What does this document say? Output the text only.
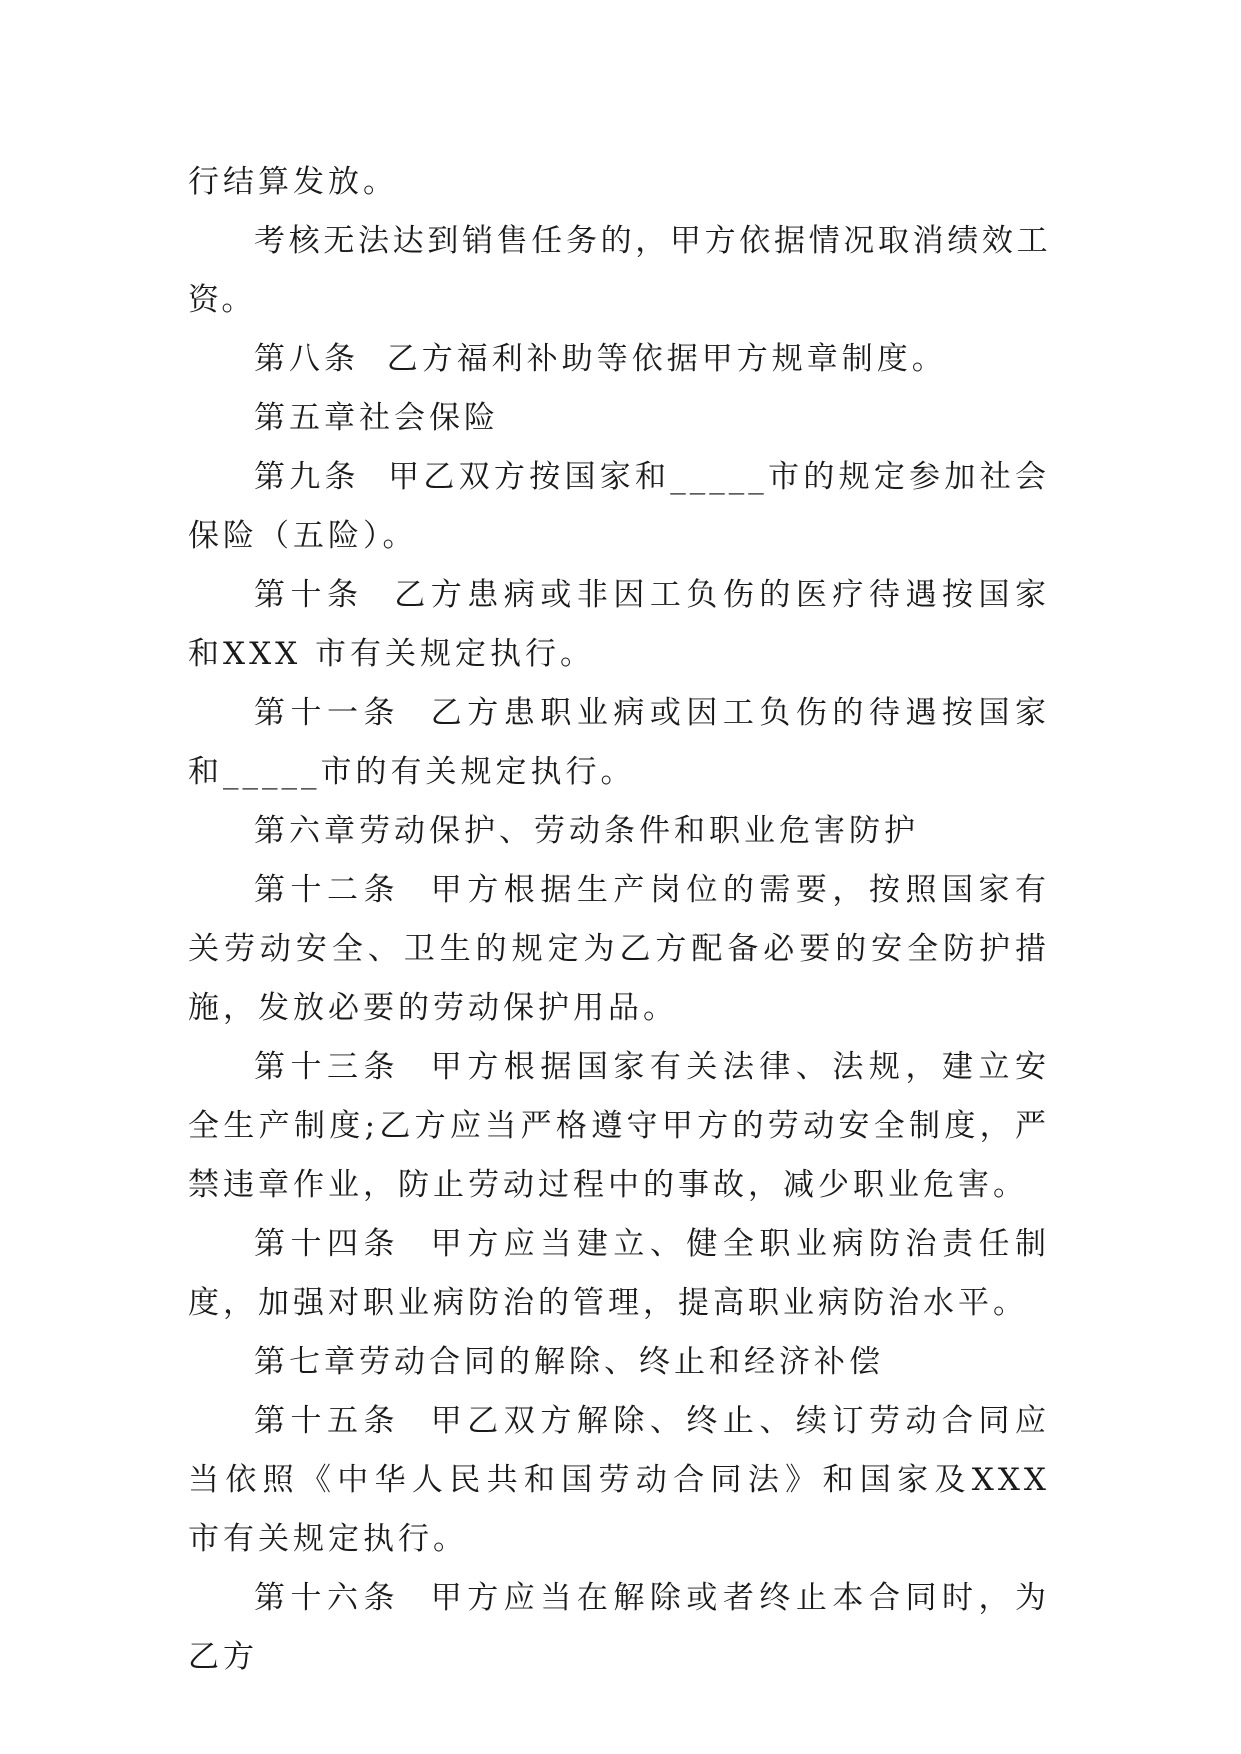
行结算发放。

考核无法达到销售任务的，甲方依据情况取消绩效工资。

第八条  乙方福利补助等依据甲方规章制度。

第五章社会保险

第九条  甲乙双方按国家和_____市的规定参加社会保险（五险）。

第十条  乙方患病或非因工负伤的医疗待遇按国家和XXX 市有关规定执行。

第十一条  乙方患职业病或因工负伤的待遇按国家和_____市的有关规定执行。

第六章劳动保护、劳动条件和职业危害防护

第十二条  甲方根据生产岗位的需要，按照国家有关劳动安全、卫生的规定为乙方配备必要的安全防护措施，发放必要的劳动保护用品。

第十三条  甲方根据国家有关法律、法规，建立安全生产制度;乙方应当严格遵守甲方的劳动安全制度，严禁违章作业，防止劳动过程中的事故，减少职业危害。

第十四条  甲方应当建立、健全职业病防治责任制度，加强对职业病防治的管理，提高职业病防治水平。

第七章劳动合同的解除、终止和经济补偿

第十五条  甲乙双方解除、终止、续订劳动合同应当依照《中华人民共和国劳动合同法》和国家及XXX 市有关规定执行。

第十六条  甲方应当在解除或者终止本合同时，为乙方
